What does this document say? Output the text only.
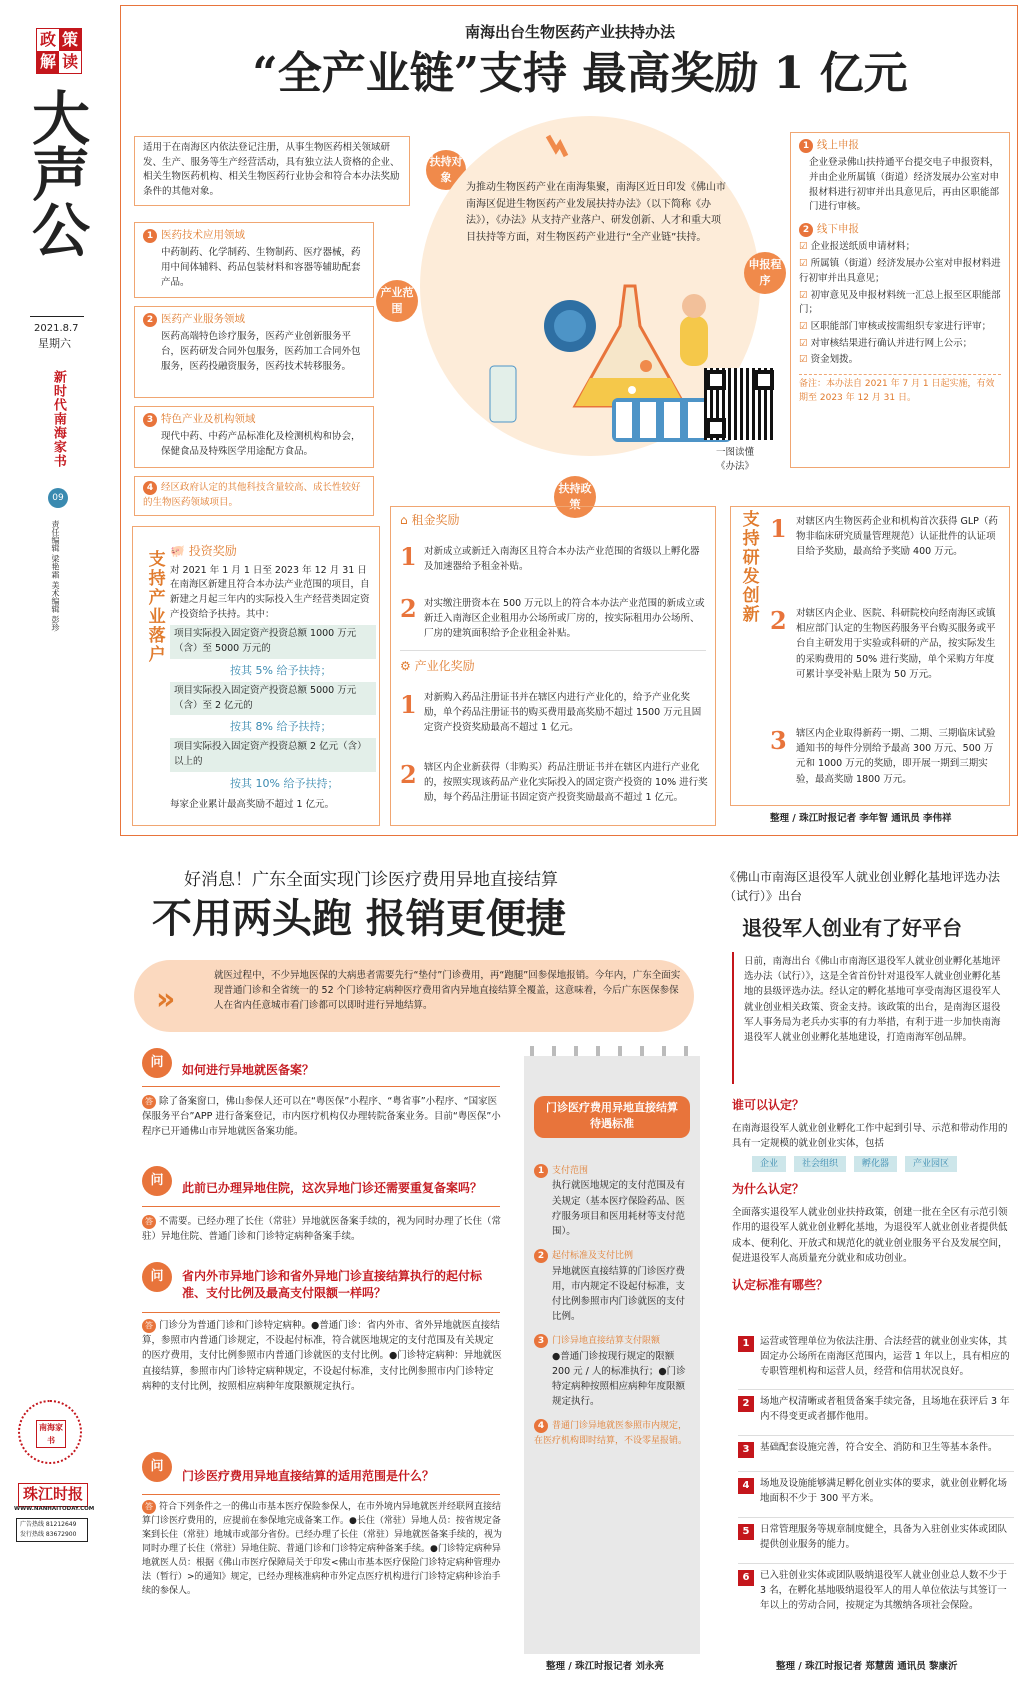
政 策
解 读
大声公
2021.8.7
星期六
新时代南海家书
09
责任编辑 梁艳霜 美术编辑 彭珍
南海家书
珠江时报
WWW.NANHAITODAY.COM
广告热线 81212649
发行热线 83672900
南海出台生物医药产业扶持办法
“全产业链”支持 最高奖励 1 亿元
适用于在南海区内依法登记注册，从事生物医药相关领域研发、生产、服务等生产经营活动，具有独立法人资格的企业、相关生物医药机构、相关生物医药行业协会和符合本办法奖励条件的其他对象。
扶持对象
为推动生物医药产业在南海集聚，南海区近日印发《佛山市南海区促进生物医药产业发展扶持办法》（以下简称《办法》），《办法》从支持产业落户、研发创新、人才和重大项目扶持等方面，对生物医药产业进行“全产业链”扶持。
产业范围
1 医药技术应用领域
中药制药、化学制药、生物制药、医疗器械，药用中间体辅料、药品包装材料和容器等辅助配套产品。
2 医药产业服务领域
医药高端特色诊疗服务，医药产业创新服务平台，医药研发合同外包服务，医药加工合同外包服务，医药投融资服务，医药技术转移服务。
3 特色产业及机构领域
现代中药、中药产品标准化及检测机构和协会，保健食品及特殊医学用途配方食品。
4 经区政府认定的其他科技含量较高、成长性较好的生物医药领域项目。
申报程序
1 线上申报
企业登录佛山扶持通平台提交电子申报资料，并由企业所属镇（街道）经济发展办公室对申报材料进行初审并出具意见后，再由区职能部门进行审核。
2 线下申报
☑ 企业报送纸质申请材料；
☑ 所属镇（街道）经济发展办公室对申报材料进行初审并出具意见；
☑ 初审意见及申报材料统一汇总上报至区职能部门；
☑ 区职能部门审核或按需组织专家进行评审；
☑ 对审核结果进行确认并进行网上公示；
☑ 资金划拨。
备注：本办法自 2021 年 7 月 1 日起实施，有效期至 2023 年 12 月 31 日。
一图读懂
《办法》
扶持政策
支持产业落户	支持研发创新
🐖 投资奖励
对 2021 年 1 月 1 日至 2023 年 12 月 31 日在南海区新建且符合本办法产业范围的项目，自新建之月起三年内的实际投入生产经营类固定资产投资给予扶持。其中：
项目实际投入固定资产投资总额 1000 万元（含）至 5000 万元的
按其 5% 给予扶持；
项目实际投入固定资产投资总额 5000 万元（含）至 2 亿元的
按其 8% 给予扶持；
项目实际投入固定资产投资总额 2 亿元（含）以上的
按其 10% 给予扶持；
每家企业累计最高奖励不超过 1 亿元。
⌂ 租金奖励
1 对新成立或新迁入南海区且符合本办法产业范围的省级以上孵化器及加速器给予租金补贴。
2 对实缴注册资本在 500 万元以上的符合本办法产业范围的新成立或新迁入南海区企业租用办公场所或厂房的，按实际租用办公场所、厂房的建筑面积给予企业租金补贴。
⚙ 产业化奖励
1 对新购入药品注册证书并在辖区内进行产业化的，给予产业化奖励，单个药品注册证书的购买费用最高奖励不超过 1500 万元且固定资产投资奖励最高不超过 1 亿元。
2 辖区内企业新获得（非购买）药品注册证书并在辖区内进行产业化的，按照实现该药品产业化实际投入的固定资产投资的 10% 进行奖励，每个药品注册证书固定资产投资奖励最高不超过 1 亿元。
1 对辖区内生物医药企业和机构首次获得 GLP（药物非临床研究质量管理规范）认证批件的认证项目给予奖励，最高给予奖励 400 万元。
2 对辖区内企业、医院、科研院校向经南海区或镇相应部门认定的生物医药服务平台购买服务或平台自主研发用于实验或科研的产品，按实际发生的采购费用的 50% 进行奖励，单个采购方年度可累计享受补贴上限为 50 万元。
3 辖区内企业取得新药一期、二期、三期临床试验通知书的每件分别给予最高 300 万元、500 万元和 1000 万元的奖励，即开展一期到三期实验，最高奖励 1800 万元。
整理 / 珠江时报记者 李年智 通讯员 李伟祥
好消息！广东全面实现门诊医疗费用异地直接结算
不用两头跑 报销更便捷
»
就医过程中，不少异地医保的大病患者需要先行“垫付”门诊费用，再“跑腿”回参保地报销。今年内，广东全面实现普通门诊和全省统一的 52 个门诊特定病种医疗费用省内异地直接结算全覆盖，这意味着，今后广东医保参保人在省内任意城市看门诊都可以即时进行异地结算。
问	如何进行异地就医备案？
答 除了备案窗口，佛山参保人还可以在“粤医保”小程序、“粤省事”小程序、“国家医保服务平台”APP 进行备案登记，市内医疗机构仅办理转院备案业务。目前“粤医保”小程序已开通佛山市异地就医备案功能。
问	此前已办理异地住院，这次异地门诊还需要重复备案吗？
答 不需要。已经办理了长住（常驻）异地就医备案手续的，视为同时办理了长住（常驻）异地住院、普通门诊和门诊特定病种备案手续。
问	省内外市异地门诊和省外异地门诊直接结算执行的起付标准、支付比例及最高支付限额一样吗？
答 门诊分为普通门诊和门诊特定病种。●普通门诊：省内外市、省外异地就医直接结算，参照市内普通门诊规定，不设起付标准，符合就医地规定的支付范围及有关规定的医疗费用，支付比例参照市内普通门诊就医的支付比例。●门诊特定病种：异地就医直接结算，参照市内门诊特定病种规定，不设起付标准，支付比例参照市内门诊特定病种的支付比例，按照相应病种年度限额规定执行。
问
门诊医疗费用异地直接结算的适用范围是什么？
答 符合下列条件之一的佛山市基本医疗保险参保人，在市外境内异地就医并经联网直接结算门诊医疗费用的，应提前在参保地完成备案工作。●长住（常驻）异地人员：按省规定备案到长住（常驻）地城市或部分省份。已经办理了长住（常驻）异地就医备案手续的，视为同时办理了长住（常驻）异地住院、普通门诊和门诊特定病种备案手续。●门诊特定病种异地就医人员：根据《佛山市医疗保障局关于印发<佛山市基本医疗保险门诊特定病种管理办法（暂行）>的通知》规定，已经办理核准病种市外定点医疗机构进行门诊特定病种诊治手续的参保人。
门诊医疗费用异地直接结算待遇标准
1 支付范围
执行就医地规定的支付范围及有关规定（基本医疗保险药品、医疗服务项目和医用耗材等支付范围）。
2 起付标准及支付比例
异地就医直接结算的门诊医疗费用，市内规定不设起付标准，支付比例参照市内门诊就医的支付比例。
3 门诊异地直接结算支付限额
●普通门诊按现行规定的限额 200 元 / 人的标准执行；●门诊特定病种按照相应病种年度限额规定执行。
4 普通门诊异地就医参照市内规定，在医疗机构即时结算，不设零星报销。
整理 / 珠江时报记者 刘永亮
《佛山市南海区退役军人就业创业孵化基地评选办法（试行）》出台
退役军人创业有了好平台
日前，南海出台《佛山市南海区退役军人就业创业孵化基地评选办法（试行）》，这是全省首份针对退役军人就业创业孵化基地的县级评选办法。经认定的孵化基地可享受南海区退役军人就业创业相关政策、资金支持。该政策的出台，是南海区退役军人事务局为老兵办实事的有力举措，有利于进一步加快南海退役军人就业创业孵化基地建设，打造南海军创品牌。
谁可以认定？
在南海退役军人就业创业孵化工作中起到引导、示范和带动作用的具有一定规模的就业创业实体，包括
企业	社会组织	孵化器	产业园区
为什么认定？
全面落实退役军人就业创业扶持政策，创建一批在全区有示范引领作用的退役军人就业创业孵化基地，为退役军人就业创业者提供低成本、便利化、开放式和规范化的就业创业服务平台及发展空间，促进退役军人高质量充分就业和成功创业。
认定标准有哪些？
1	运营或管理单位为依法注册、合法经营的就业创业实体，其固定办公场所在南海区范围内，运营 1 年以上，具有相应的专职管理机构和运营人员，经营和信用状况良好。
2	场地产权清晰或者租赁备案手续完备，且场地在获评后 3 年内不得变更或者挪作他用。
3	基础配套设施完善，符合安全、消防和卫生等基本条件。
4	场地及设施能够满足孵化创业实体的要求，就业创业孵化场地面积不少于 300 平方米。
5	日常管理服务等规章制度健全，具备为入驻创业实体或团队提供创业服务的能力。
6	已入驻创业实体或团队吸纳退役军人就业创业总人数不少于 3 名，在孵化基地吸纳退役军人的用人单位依法与其签订一年以上的劳动合同，按规定为其缴纳各项社会保险。
整理 / 珠江时报记者 郑慧茵 通讯员 黎康沂
